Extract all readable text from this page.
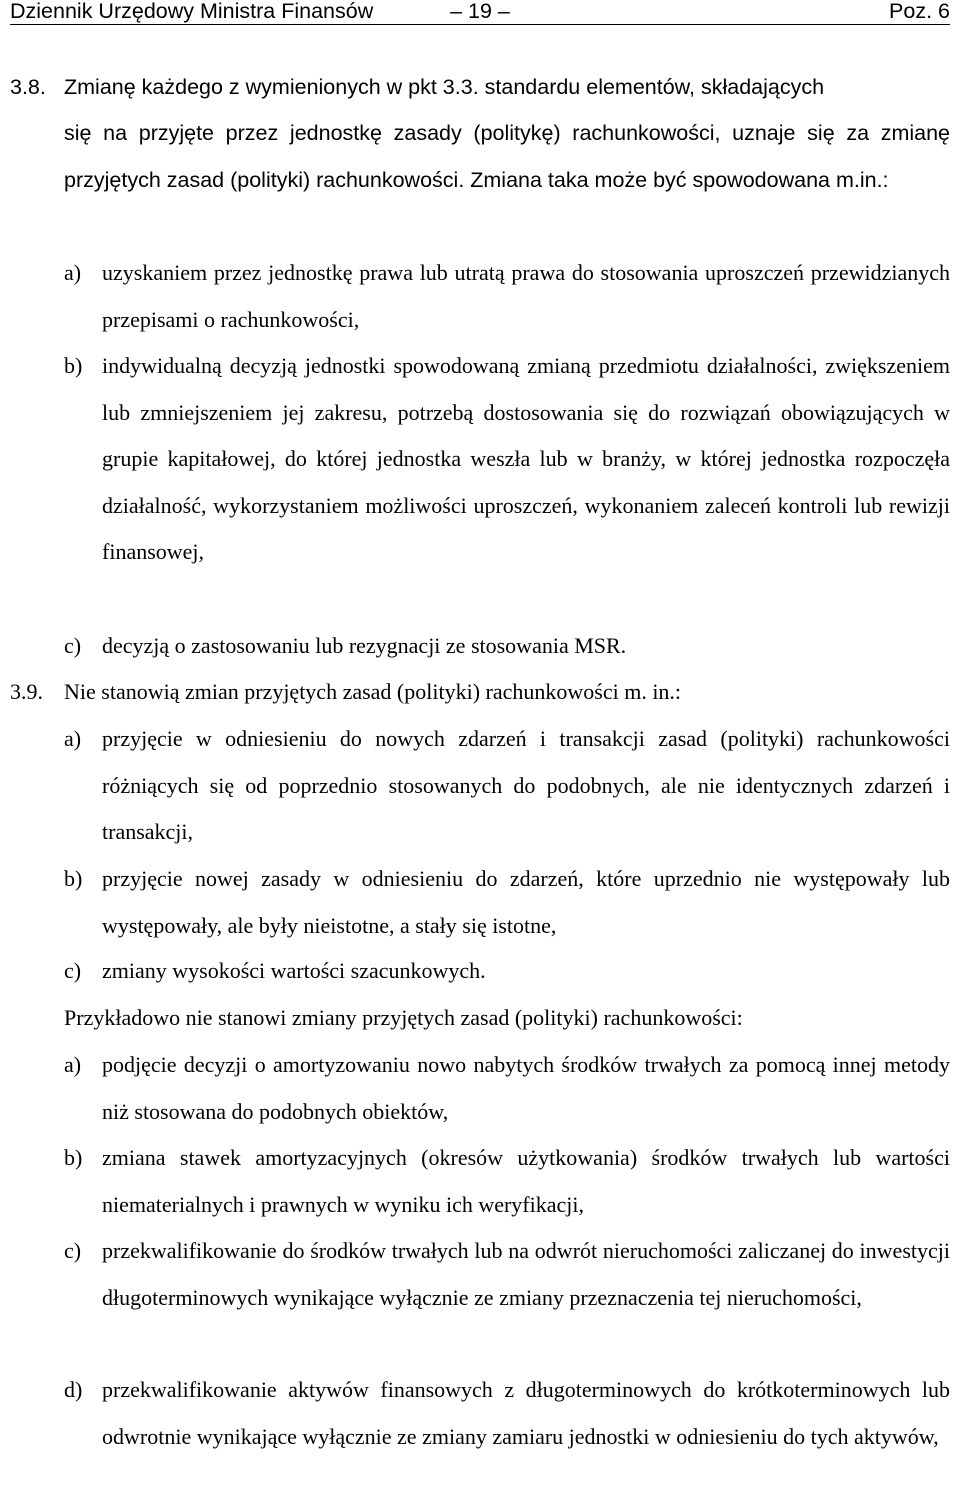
Dziennik Urzędowy Ministra Finansów	– 19 –	Poz. 6

3.8. Zmianę każdego z wymienionych w pkt 3.3. standardu elementów, składających

się na przyjęte przez jednostkę zasady (politykę) rachunkowości, uznaje się za zmianę przyjętych zasad (polityki) rachunkowości. Zmiana taka może być spowodowana m.in.:

a) uzyskaniem przez jednostkę prawa lub utratą prawa do stosowania uproszczeń przewidzianych przepisami o rachunkowości,
b) indywidualną decyzją jednostki spowodowaną zmianą przedmiotu działalności, zwiększeniem lub zmniejszeniem jej zakresu, potrzebą dostosowania się do rozwiązań obowiązujących w grupie kapitałowej, do której jednostka weszła lub w branży, w której jednostka rozpoczęła działalność, wykorzystaniem możliwości uproszczeń, wykonaniem zaleceń kontroli lub rewizji finansowej,
c) decyzją o zastosowaniu lub rezygnacji ze stosowania MSR.

3.9. Nie stanowią zmian przyjętych zasad (polityki) rachunkowości m. in.:

a) przyjęcie w odniesieniu do nowych zdarzeń i transakcji zasad (polityki) rachunkowości różniących się od poprzednio stosowanych do podobnych, ale nie identycznych zdarzeń i transakcji,
b) przyjęcie nowej zasady w odniesieniu do zdarzeń, które uprzednio nie występowały lub występowały, ale były nieistotne, a stały się istotne,
c) zmiany wysokości wartości szacunkowych.

Przykładowo nie stanowi zmiany przyjętych zasad (polityki) rachunkowości:

a) podjęcie decyzji o amortyzowaniu nowo nabytych środków trwałych za pomocą innej metody niż stosowana do podobnych obiektów,
b) zmiana stawek amortyzacyjnych (okresów użytkowania) środków trwałych lub wartości niematerialnych i prawnych w wyniku ich weryfikacji,
c) przekwalifikowanie do środków trwałych lub na odwrót nieruchomości zaliczanej do inwestycji długoterminowych wynikające wyłącznie ze zmiany przeznaczenia tej nieruchomości,
d) przekwalifikowanie aktywów finansowych z długoterminowych do krótkoterminowych lub odwrotnie wynikające wyłącznie ze zmiany zamiaru jednostki w odniesieniu do tych aktywów,
